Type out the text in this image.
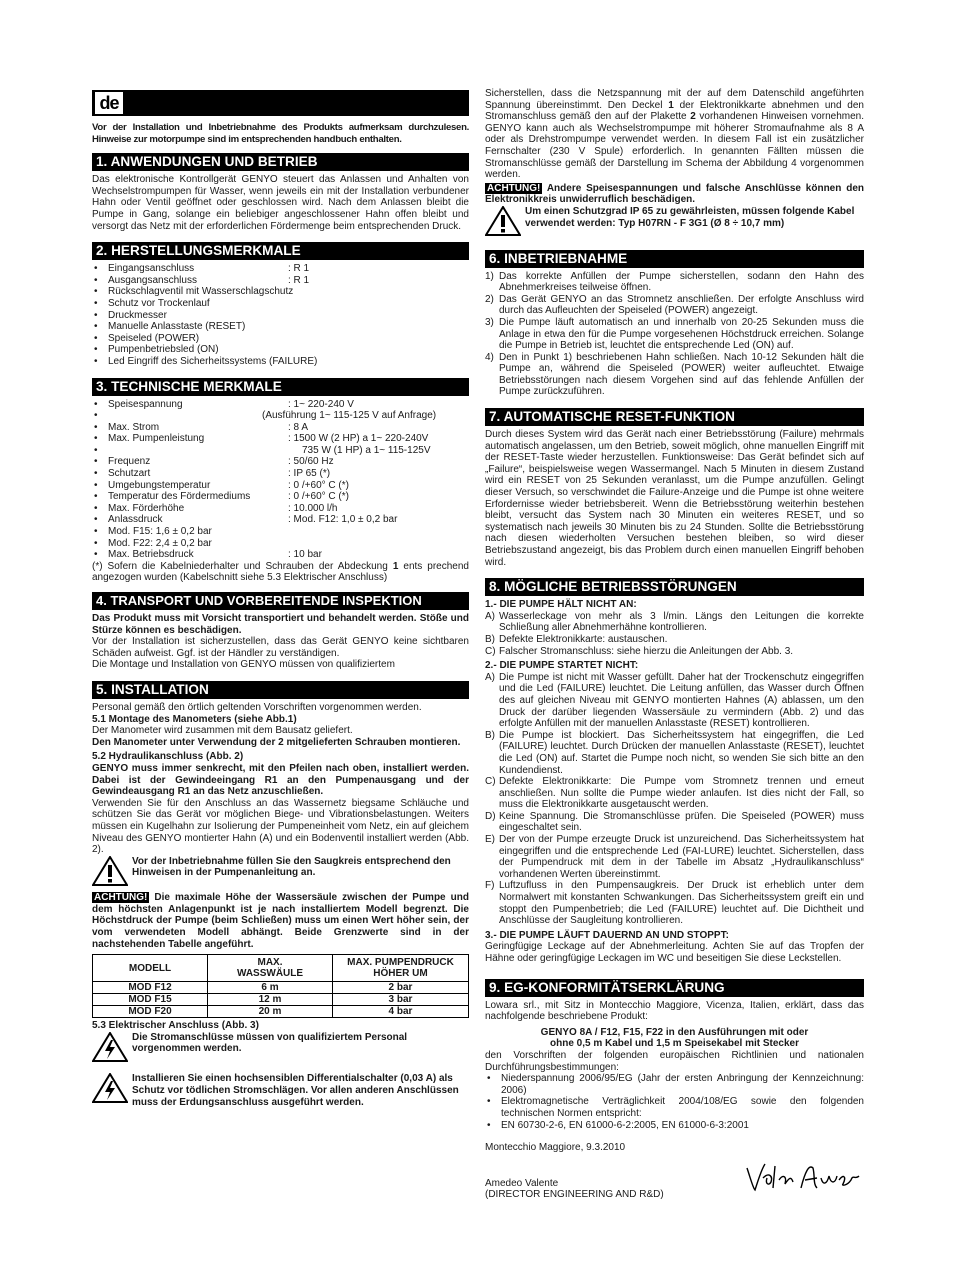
de

Vor der Installation und Inbetriebnahme des Produkts aufmerksam durchzulesen. Hinweise zur motorpumpe sind im entsprechenden handbuch enthalten.

1. ANWENDUNGEN UND BETRIEB

Das elektronische Kontrollgerät GENYO steuert das Anlassen und Anhalten von Wechselstrompumpen für Wasser, wenn jeweils ein mit der Installation verbundener Hahn oder Ventil geöffnet oder geschlossen wird. Nach dem Anlassen bleibt die Pumpe in Gang, solange ein beliebiger angeschlossener Hahn offen bleibt und versorgt das Netz mit der erforderlichen Fördermenge beim entsprechenden Druck.

2. HERSTELLUNGSMERKMALE
• Eingangsanschluss	: R 1
• Ausgangsanschluss	: R 1
• Rückschlagventil mit Wasserschlagschutz
• Schutz vor Trockenlauf
• Druckmesser
• Manuelle Anlasstaste (RESET)
• Speiseled (POWER)
• Pumpenbetriebsled (ON)
• Led Eingriff des Sicherheitssystems (FAILURE)
3. TECHNISCHE MERKMALE
• Speisespannung	: 1~ 220-240 V
• (Ausführung 1~ 115-125 V auf Anfrage)
• Max. Strom	: 8 A
• Max. Pumpenleistung	: 1500 W (2 HP) a 1~ 220-240V
• 735 W (1 HP) a 1~ 115-125V
• Frequenz	: 50/60 Hz
• Schutzart	: IP 65 (*)
• Umgebungstemperatur	: 0 /+60° C (*)
• Temperatur des Fördermediums	: 0 /+60° C (*)
• Max. Förderhöhe	: 10.000 l/h
• Anlassdruck	: Mod. F12: 1,0 ± 0,2 bar
• Mod. F15: 1,6 ± 0,2 bar
• Mod. F22: 2,4 ± 0,2 bar
• Max. Betriebsdruck	: 10 bar

(*) Sofern die Kabelniederhalter und Schrauben der Abdeckung 1 ents prechend angezogen wurden (Kabelschnitt siehe 5.3 Elektrischer Anschluss)

4. TRANSPORT UND VORBEREITENDE INSPEKTION

Das Produkt muss mit Vorsicht transportiert und behandelt werden. Stöße und Stürze können es beschädigen.

Vor der Installation ist sicherzustellen, dass das Gerät GENYO keine sichtbaren Schäden aufweist. Ggf. ist der Händler zu verständigen.

Die Montage und Installation von GENYO müssen von qualifiziertem

5. INSTALLATION

Personal gemäß den örtlich geltenden Vorschriften vorgenommen werden.

5.1 Montage des Manometers (siehe Abb.1)

Der Manometer wird zusammen mit dem Bausatz geliefert.

Den Manometer unter Verwendung der 2 mitgelieferten Schrauben montieren.

5.2 Hydraulikanschluss (Abb. 2)

GENYO muss immer senkrecht, mit den Pfeilen nach oben, installiert werden. Dabei ist der Gewindeeingang R1 an den Pumpenausgang und der Gewindeausgang R1 an das Netz anzuschließen.

Verwenden Sie für den Anschluss an das Wassernetz biegsame Schläuche und schützen Sie das Gerät vor möglichen Biege- und Vibrationsbelastungen. Weiters müssen ein Kugelhahn zur Isolierung der Pumpeneinheit vom Netz, ein auf gleichem Niveau des GENYO montierter Hahn (A) und ein Bodenventil installiert werden (Abb. 2).

Vor der Inbetriebnahme füllen Sie den Saugkreis entsprechend den Hinweisen in der Pumpenanleitung an.

ACHTUNG! Die maximale Höhe der Wassersäule zwischen der Pumpe und dem höchsten Anlagenpunkt ist je nach installiertem Modell begrenzt. Die Höchstdruck der Pumpe (beim Schließen) muss um einen Wert höher sein, der vom verwendeten Modell abhängt. Beide Grenzwerte sind in der nachstehenden Tabelle angeführt.

MODELL	MAX.
WASSWÄULE	MAX. PUMPENDRUCK
HÖHER UM
MOD F12	6 m	2 bar
MOD F15	12 m	3 bar
MOD F20	20 m	4 bar

5.3 Elektrischer Anschluss (Abb. 3)

Die Stromanschlüsse müssen von qualifiziertem Personal vorgenommen werden.
Installieren Sie einen hochsensiblen Differentialschalter (0,03 A) als Schutz vor tödlichen Stromschlägen. Vor allen anderen Anschlüssen muss der Erdungsanschluss ausgeführt werden.

Sicherstellen, dass die Netzspannung mit der auf dem Datenschild angeführten Spannung übereinstimmt. Den Deckel 1 der Elektronikkarte abnehmen und den Stromanschluss gemäß den auf der Plakette 2 vorhandenen Hinweisen vornehmen. GENYO kann auch als Wechselstrompumpe mit höherer Stromaufnahme als 8 A oder als Drehstrompumpe verwendet werden. In diesem Fall ist ein zusätzlicher Fernschalter (230 V Spule) erforderlich. In genannten Fällten müssen die Stromanschlüsse gemäß der Darstellung im Schema der Abbildung 4 vorgenommen werden.

ACHTUNG! Andere Speisespannungen und falsche Anschlüsse können den Elektronikkreis unwiderruflich beschädigen.

Um einen Schutzgrad IP 65 zu gewährleisten, müssen folgende Kabel verwendet werden: Typ H07RN - F 3G1 (Ø 8 ÷ 10,7 mm)
6. INBETRIEBNAHME
1) Das korrekte Anfüllen der Pumpe sicherstellen, sodann den Hahn des Abnehmerkreises teilweise öffnen.
2) Das Gerät GENYO an das Stromnetz anschließen. Der erfolgte Anschluss wird durch das Aufleuchten der Speiseled (POWER) angezeigt.
3) Die Pumpe läuft automatisch an und innerhalb von 20-25 Sekunden muss die Anlage in etwa den für die Pumpe vorgesehenen Höchstdruck erreichen. Solange die Pumpe in Betrieb ist, leuchtet die entsprechende Led (ON) auf.
4) Den in Punkt 1) beschriebenen Hahn schließen. Nach 10-12 Sekunden hält die Pumpe an, während die Speiseled (POWER) weiter aufleuchtet. Etwaige Betriebsstörungen nach diesem Vorgehen sind auf das fehlende Anfüllen der Pumpe zurückzuführen.
7. AUTOMATISCHE RESET-FUNKTION

Durch dieses System wird das Gerät nach einer Betriebsstörung (Failure) mehrmals automatisch angelassen, um den Betrieb, soweit möglich, ohne manuellen Eingriff mit der RESET-Taste wieder herzustellen. Funktionsweise: Das Gerät befindet sich auf „Failure“, beispielsweise wegen Wassermangel. Nach 5 Minuten in diesem Zustand wird ein RESET von 25 Sekunden veranlasst, um die Pumpe anzufüllen. Gelingt dieser Versuch, so verschwindet die Failure-Anzeige und die Pumpe ist ohne weitere Erfordernisse wieder betriebsbereit. Wenn die Betriebsstörung weiterhin bestehen bleibt, versucht das System nach 30 Minuten ein weiteres RESET, und so systematisch nach jeweils 30 Minuten bis zu 24 Stunden. Sollte die Betriebsstörung nach diesen wiederholten Versuchen bestehen bleiben, so wird dieser Betriebszustand angezeigt, bis das Problem durch einen manuellen Eingriff behoben wird.

8. MÖGLICHE BETRIEBSSTÖRUNGEN

1.- DIE PUMPE HÄLT NICHT AN:

A) Wasserleckage von mehr als 3 l/min. Längs den Leitungen die korrekte Schließung aller Abnehmerhähne kontrollieren.
B) Defekte Elektronikkarte: austauschen.
C) Falscher Stromanschluss: siehe hierzu die Anleitungen der Abb. 3.

2.- DIE PUMPE STARTET NICHT:

A) Die Pumpe ist nicht mit Wasser gefüllt. Daher hat der Trockenschutz eingegriffen und die Led (FAILURE) leuchtet. Die Leitung anfüllen, das Wasser durch Öffnen des auf gleichen Niveau mit GENYO montierten Hahnes (A) ablassen, um den Druck der darüber liegenden Wassersäule zu vermindern (Abb. 2) und das erfolgte Anfüllen mit der manuellen Anlasstaste (RESET) kontrollieren.
B) Die Pumpe ist blockiert. Das Sicherheitssystem hat eingegriffen, die Led (FAILURE) leuchtet. Durch Drücken der manuellen Anlasstaste (RESET), leuchtet die Led (ON) auf. Startet die Pumpe noch nicht, so wenden Sie sich bitte an den Kundendienst.
C) Defekte Elektronikkarte: Die Pumpe vom Stromnetz trennen und erneut anschließen. Nun sollte die Pumpe wieder anlaufen. Ist dies nicht der Fall, so muss die Elektronikkarte ausgetauscht werden.
D) Keine Spannung. Die Stromanschlüsse prüfen. Die Speiseled (POWER) muss eingeschaltet sein.
E) Der von der Pumpe erzeugte Druck ist unzureichend. Das Sicherheitssystem hat eingegriffen und die entsprechende Led (FAI-LURE) leuchtet. Sicherstellen, dass der Pumpendruck mit dem in der Tabelle im Absatz „Hydraulikanschluss“ vorhandenen Werten übereinstimmt.
F) Luftzufluss in den Pumpensaugkreis. Der Druck ist erheblich unter dem Normalwert mit konstanten Schwankungen. Das Sicherheitssystem greift ein und stoppt den Pumpenbetrieb; die Led (FAILURE) leuchtet auf. Die Dichtheit und Anschlüsse der Saugleitung kontrollieren.

3.- DIE PUMPE LÄUFT DAUERND AN UND STOPPT:

Geringfügige Leckage auf der Abnehmerleitung. Achten Sie auf das Tropfen der Hähne oder geringfügige Leckagen im WC und beseitigen Sie diese Leckstellen.

9. EG-KONFORMITÄTSERKLÄRUNG

Lowara srl., mit Sitz in Montecchio Maggiore, Vicenza, Italien, erklärt, dass das nachfolgende beschriebene Produkt:

GENYO 8A / F12, F15, F22 in den Ausführungen mit oder

ohne 0,5 m Kabel und 1,5 m Speisekabel mit Stecker

den Vorschriften der folgenden europäischen Richtlinien und nationalen Durchführungsbestimmungen:

• Niederspannung 2006/95/EG (Jahr der ersten Anbringung der Kennzeichnung: 2006)
• Elektromagnetische Verträglichkeit 2004/108/EG sowie den folgenden technischen Normen entspricht:
• EN 60730-2-6, EN 61000-6-2:2005, EN 61000-6-3:2001

Montecchio Maggiore, 9.3.2010

Amedeo Valente

(DIRECTOR ENGINEERING AND R&D)
